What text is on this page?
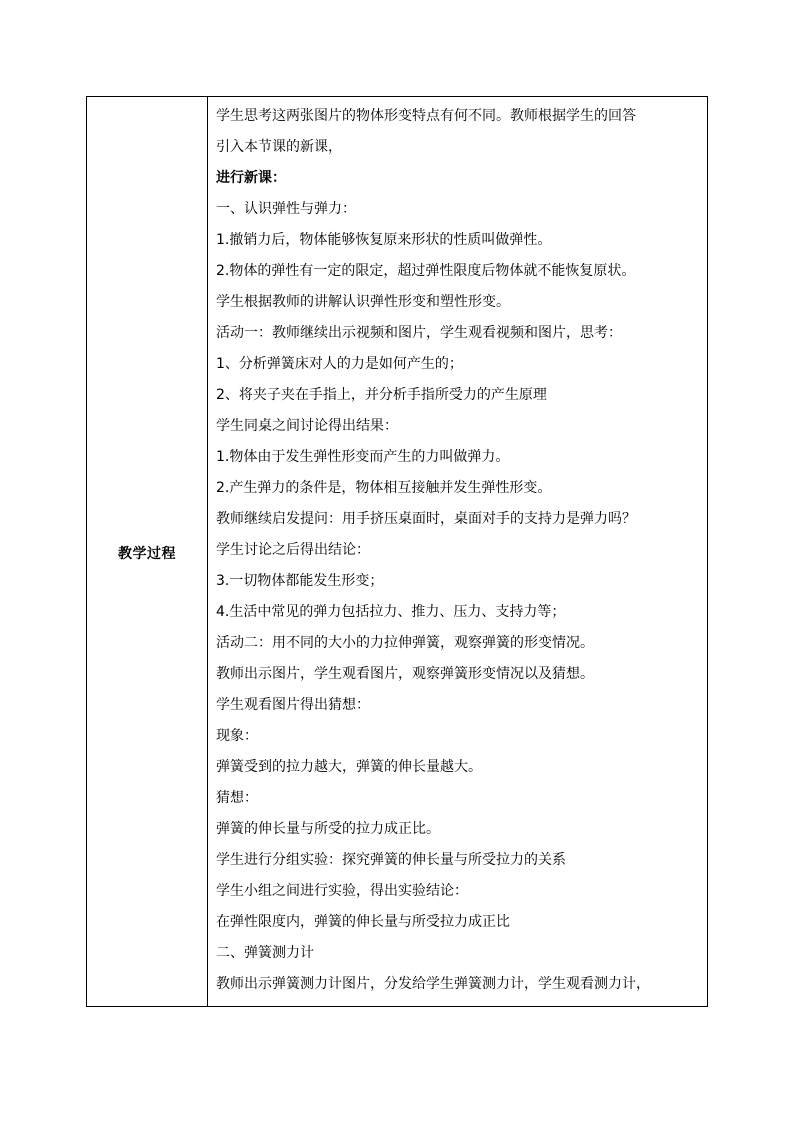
教学过程
学生思考这两张图片的物体形变特点有何不同。教师根据学生的回答
引入本节课的新课，
进行新课：
一、认识弹性与弹力：
1.撤销力后，物体能够恢复原来形状的性质叫做弹性。
2.物体的弹性有一定的限定，超过弹性限度后物体就不能恢复原状。
学生根据教师的讲解认识弹性形变和塑性形变。
活动一：教师继续出示视频和图片，学生观看视频和图片，思考：
1、分析弹簧床对人的力是如何产生的；
2、将夹子夹在手指上，并分析手指所受力的产生原理
学生同桌之间讨论得出结果：
1.物体由于发生弹性形变而产生的力叫做弹力。
2.产生弹力的条件是，物体相互接触并发生弹性形变。
教师继续启发提问：用手挤压桌面时，桌面对手的支持力是弹力吗？
学生讨论之后得出结论：
3.一切物体都能发生形变；
4.生活中常见的弹力包括拉力、推力、压力、支持力等；
活动二：用不同的大小的力拉伸弹簧，观察弹簧的形变情况。
教师出示图片，学生观看图片，观察弹簧形变情况以及猜想。
学生观看图片得出猜想：
现象：
弹簧受到的拉力越大，弹簧的伸长量越大。
猜想：
弹簧的伸长量与所受的拉力成正比。
学生进行分组实验：探究弹簧的伸长量与所受拉力的关系
学生小组之间进行实验，得出实验结论：
在弹性限度内，弹簧的伸长量与所受拉力成正比
二、弹簧测力计
教师出示弹簧测力计图片，分发给学生弹簧测力计，学生观看测力计，
